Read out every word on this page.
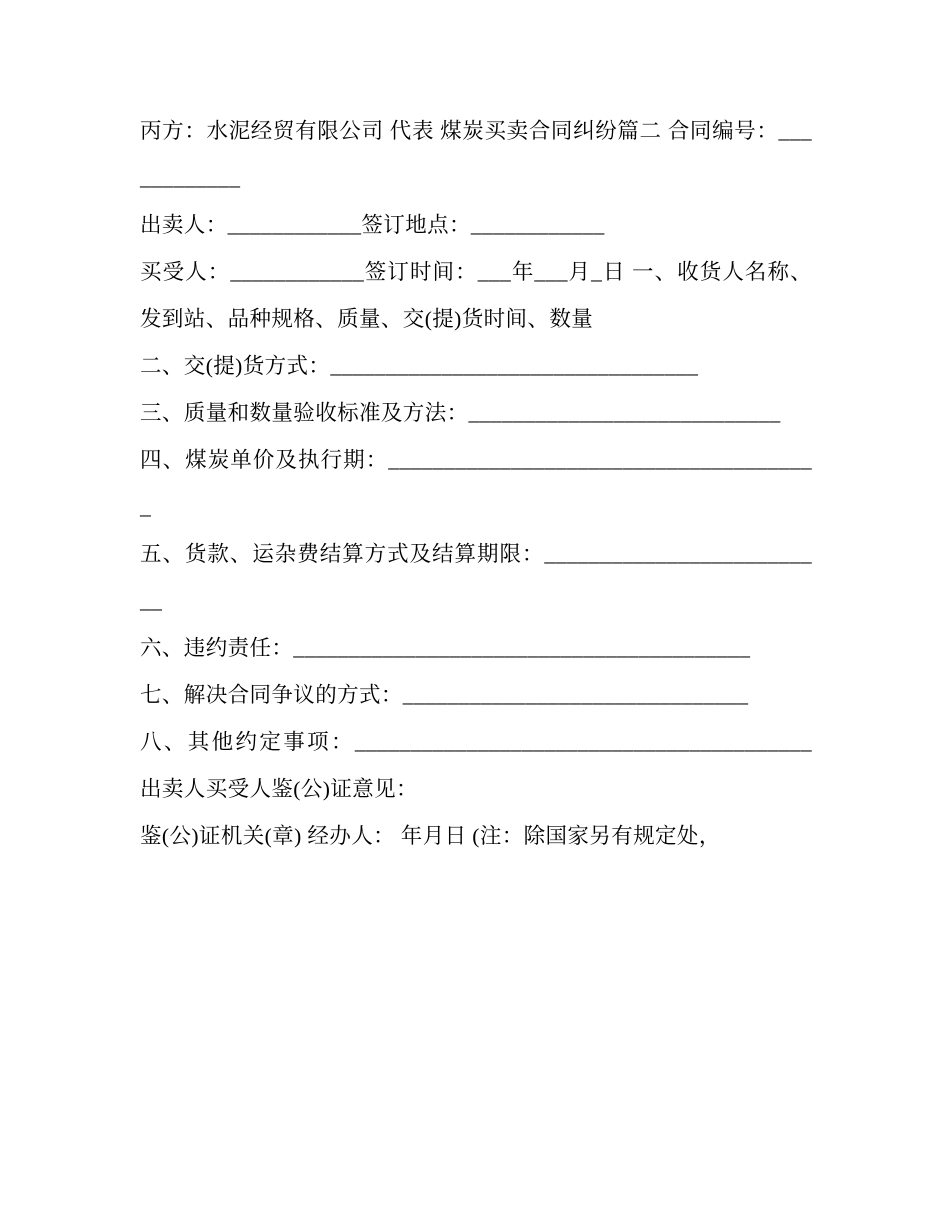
丙方：水泥经贸有限公司 代表 煤炭买卖合同纠纷篇二 合同编号：____________

出卖人：____________签订地点：____________

买受人：____________签订时间：___年___月_日 一、收货人名称、发到站、品种规格、质量、交(提)货时间、数量

二、交(提)货方式：_________________________________

三、质量和数量验收标准及方法：____________________________

四、煤炭单价及执行期：_______________________________________

五、货款、运杂费结算方式及结算期限：__________________________

六、违约责任：_________________________________________

七、解决合同争议的方式：_______________________________

八、其他约定事项：_________________________________________ 出卖人买受人鉴(公)证意见：

鉴(公)证机关(章) 经办人： 年月日 (注：除国家另有规定处，
